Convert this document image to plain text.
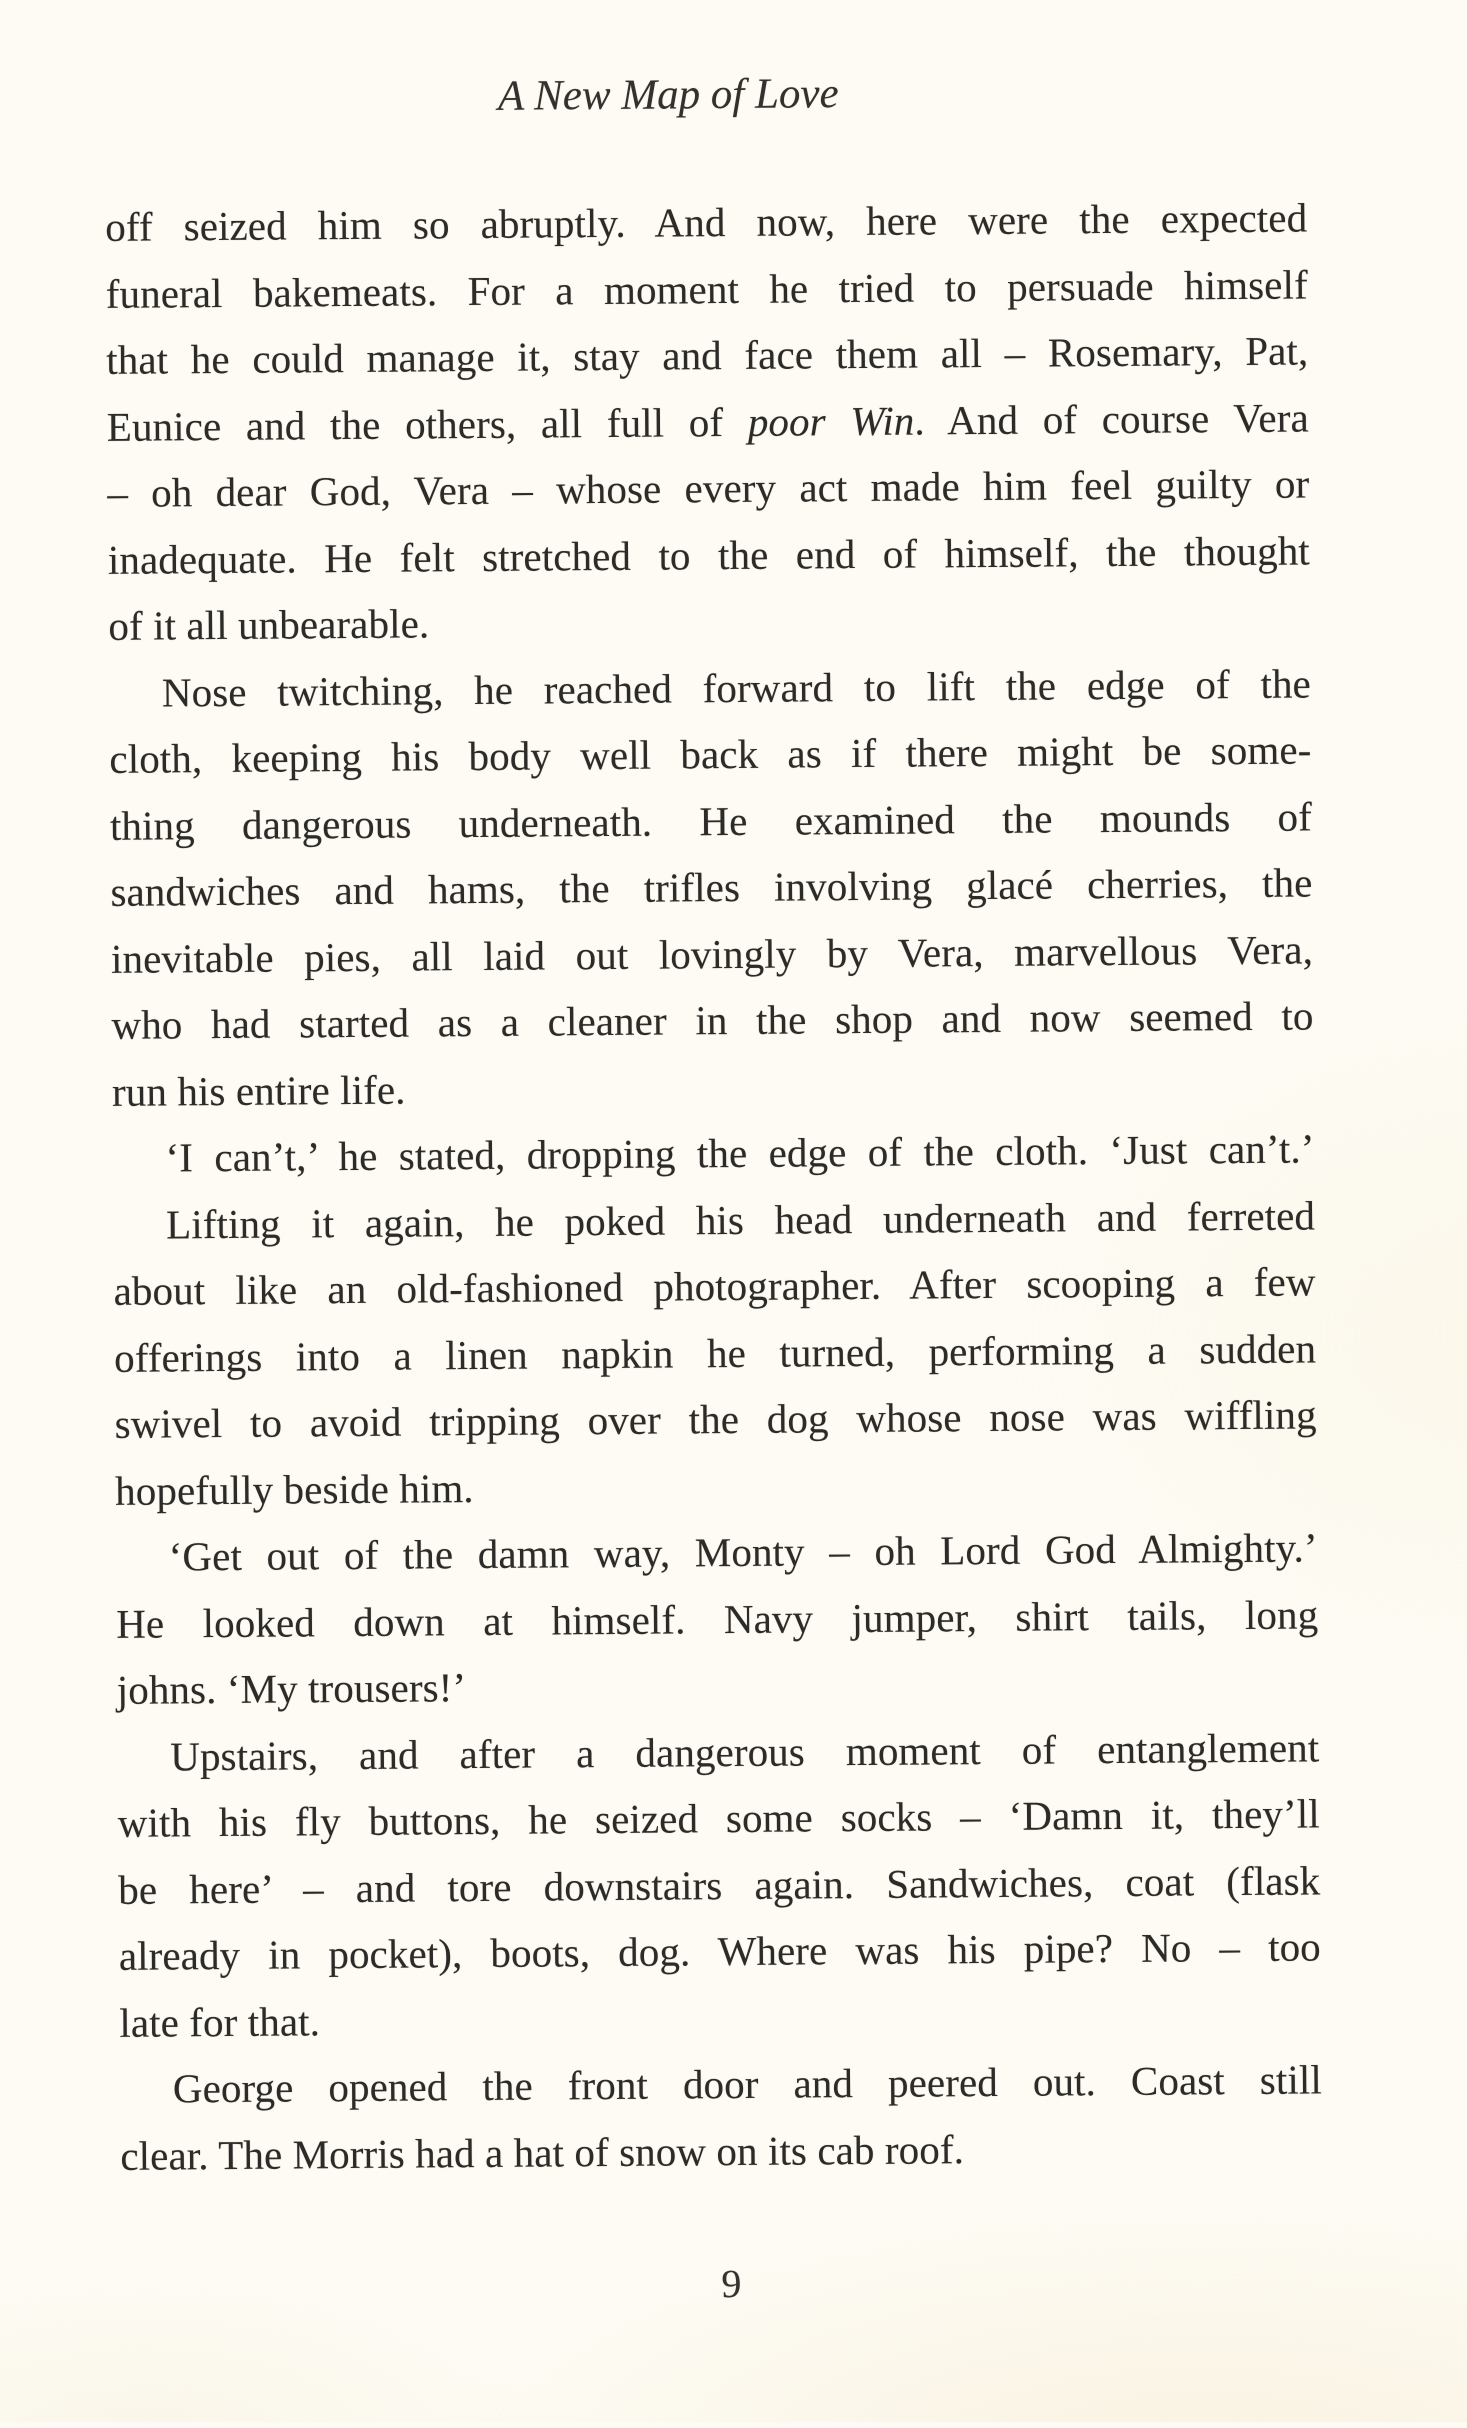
A New Map of Love
off seized him so abruptly. And now, here were the expected
funeral bakemeats. For a moment he tried to persuade himself
that he could manage it, stay and face them all – Rosemary, Pat,
Eunice and the others, all full of poor Win. And of course Vera
– oh dear God, Vera – whose every act made him feel guilty or
inadequate. He felt stretched to the end of himself, the thought
of it all unbearable.
Nose twitching, he reached forward to lift the edge of the
cloth, keeping his body well back as if there might be some-
thing dangerous underneath. He examined the mounds of
sandwiches and hams, the trifles involving glacé cherries, the
inevitable pies, all laid out lovingly by Vera, marvellous Vera,
who had started as a cleaner in the shop and now seemed to
run his entire life.
‘I can’t,’ he stated, dropping the edge of the cloth. ‘Just can’t.’
Lifting it again, he poked his head underneath and ferreted
about like an old-fashioned photographer. After scooping a few
offerings into a linen napkin he turned, performing a sudden
swivel to avoid tripping over the dog whose nose was wiffling
hopefully beside him.
‘Get out of the damn way, Monty – oh Lord God Almighty.’
He looked down at himself. Navy jumper, shirt tails, long
johns. ‘My trousers!’
Upstairs, and after a dangerous moment of entanglement
with his fly buttons, he seized some socks – ‘Damn it, they’ll
be here’ – and tore downstairs again. Sandwiches, coat (flask
already in pocket), boots, dog. Where was his pipe? No – too
late for that.
George opened the front door and peered out. Coast still
clear. The Morris had a hat of snow on its cab roof.
9
